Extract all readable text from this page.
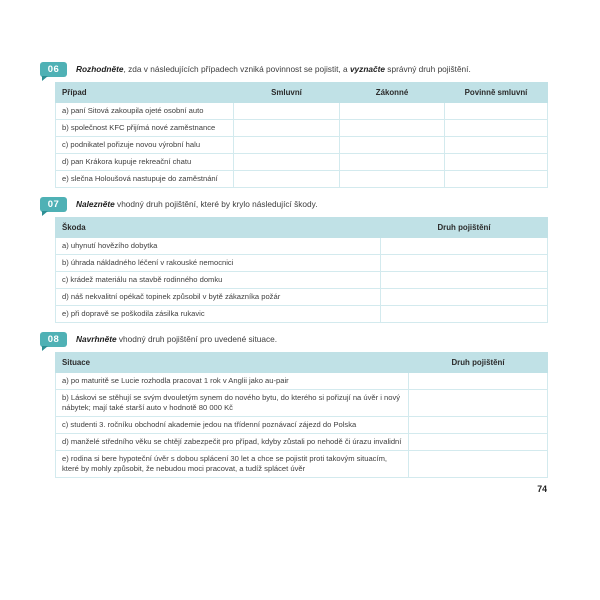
06	Rozhodněte, zda v následujících případech vzniká povinnost se pojistit, a vyznačte správný druh pojištění.

Případ	Smluvní	Zákonné	Povinně smluvní
a) paní Sitová zakoupila ojeté osobní auto			
b) společnost KFC přijímá nové zaměstnance			
c) podnikatel pořizuje novou výrobní halu			
d) pan Krákora kupuje rekreační chatu			
e) slečna Holoušová nastupuje do zaměstnání			
07	Nalezněte vhodný druh pojištění, které by krylo následující škody.

Škoda	Druh pojištění
a) uhynutí hovězího dobytka	
b) úhrada nákladného léčení v rakouské nemocnici	
c) krádež materiálu na stavbě rodinného domku	
d) náš nekvalitní opékač topinek způsobil v bytě zákazníka požár	
e) při dopravě se poškodila zásilka rukavic	
08	Navrhněte vhodný druh pojištění pro uvedené situace.

Situace	Druh pojištění
a) po maturitě se Lucie rozhodla pracovat 1 rok v Anglii jako au-pair	
b) Láskovi se stěhují se svým dvouletým synem do nového bytu, do kterého si pořizují na úvěr i nový nábytek; mají také starší auto v hodnotě 80 000 Kč	
c) studenti 3. ročníku obchodní akademie jedou na třídenní poznávací zájezd do Polska	
d) manželé středního věku se chtějí zabezpečit pro případ, kdyby zůstali po nehodě či úrazu invalidní	
e) rodina si bere hypoteční úvěr s dobou splácení 30 let a chce se pojistit proti takovým situacím, které by mohly způsobit, že nebudou moci pracovat, a tudíž splácet úvěr	
74
